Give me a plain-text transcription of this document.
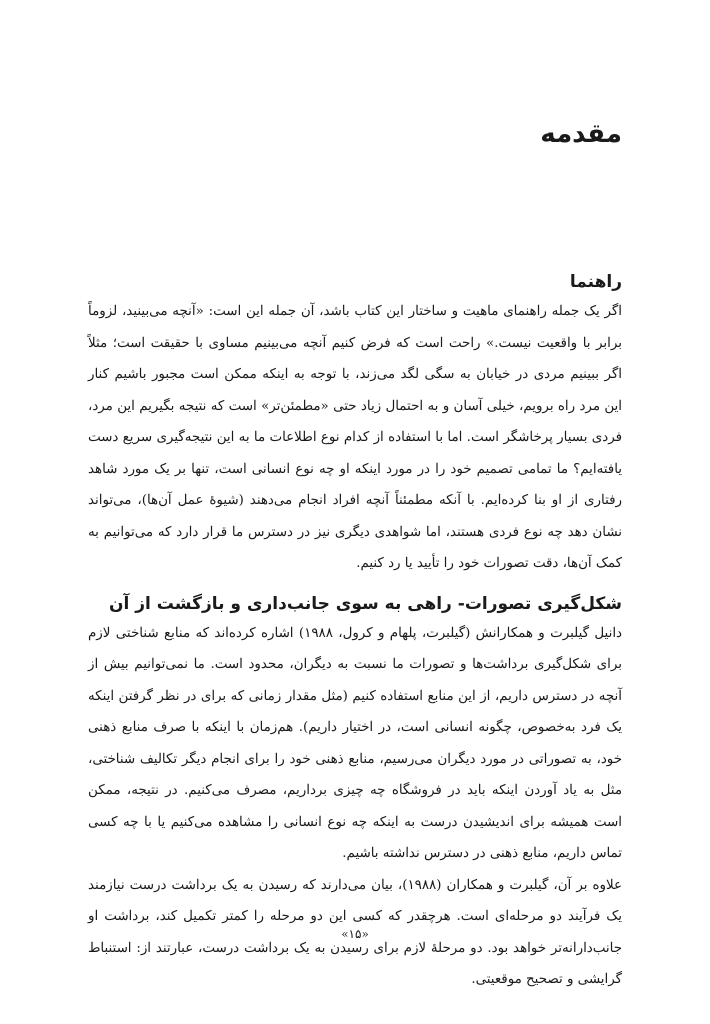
مقدمه
راهنما

اگر یک جمله راهنمای ماهیت و ساختار این کتاب باشد، آن جمله این است: «آنچه می‌بینید، لزوماً برابر با واقعیت نیست.» راحت است که فرض کنیم آنچه می‌بینیم مساوی با حقیقت است؛ مثلاً اگر ببینیم مردی در خیابان به سگی لگد می‌زند، با توجه به اینکه ممکن است مجبور باشیم کنار این مرد راه برویم، خیلی آسان و به احتمال زیاد حتی «مطمئن‌تر» است که نتیجه بگیریم این مرد، فردی بسیار پرخاشگر است. اما با استفاده از کدام نوع اطلاعات ما به این نتیجه‌گیری سریع دست یافته‌ایم؟ ما تمامی تصمیم خود را در مورد اینکه او چه نوع انسانی است، تنها بر یک مورد شاهد رفتاری از او بنا کرده‌ایم. با آنکه مطمئناً آنچه افراد انجام می‌دهند (شیوهٔ عمل آن‌ها)، می‌تواند نشان دهد چه نوع فردی هستند، اما شواهدی دیگری نیز در دسترس ما قرار دارد که می‌توانیم به کمک آن‌ها، دقت تصورات خود را تأیید یا رد کنیم.

شکل‌گیری تصورات- راهی به سوی جانب‌داری و بازگشت از آن

دانیل گیلبرت و همکارانش (گیلبرت، پلهام و کرول، ۱۹۸۸) اشاره کرده‌اند که منابع شناختی لازم برای شکل‌گیری برداشت‌ها و تصورات ما نسبت به دیگران، محدود است. ما نمی‌توانیم بیش از آنچه در دسترس داریم، از این منابع استفاده کنیم (مثل مقدار زمانی که برای در نظر گرفتن اینکه یک فرد به‌خصوص، چگونه انسانی است، در اختیار داریم). هم‌زمان با اینکه با صرف منابع ذهنی خود، به تصوراتی در مورد دیگران می‌رسیم، منابع ذهنی خود را برای انجام دیگر تکالیف شناختی، مثل به یاد آوردن اینکه باید در فروشگاه چه چیزی برداریم، مصرف می‌کنیم. در نتیجه، ممکن است همیشه برای اندیشیدن درست به اینکه چه نوع انسانی را مشاهده می‌کنیم یا با چه کسی تماس داریم، منابع ذهنی در دسترس نداشته باشیم.

علاوه بر آن، گیلبرت و همکاران (۱۹۸۸)، بیان می‌دارند که رسیدن به یک برداشت درست نیازمند یک فرآیند دو مرحله‌ای است. هرچقدر که کسی این دو مرحله را کمتر تکمیل کند، برداشت او جانب‌دارانه‌تر خواهد بود. دو مرحلهٔ لازم برای رسیدن به یک برداشت درست، عبارتند از: استنباط گرایشی و تصحیح موقعیتی.

«۱۵»
